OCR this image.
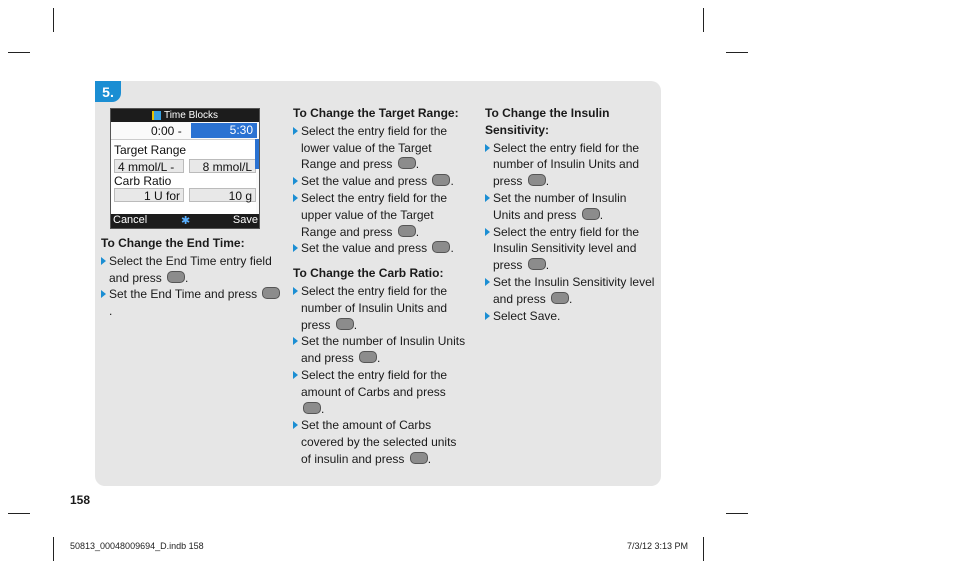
5.
Time Blocks
0:00 -	5:30
Target Range
4 mmol/L -	8 mmol/L
Carb Ratio
1 U for	10 g
Cancel	✱	Save
To Change the End Time:
Select the End Time entry field and press .
Set the End Time and press .
To Change the Target Range:
Select the entry field for the lower value of the Target Range and press .
Set the value and press .
Select the entry field for the upper value of the Target Range and press .
Set the value and press .
To Change the Carb Ratio:
Select the entry field for the number of Insulin Units and press .
Set the number of Insulin Units and press .
Select the entry field for the amount of Carbs and press .
Set the amount of Carbs covered by the selected units of insulin and press .
To Change the Insulin Sensitivity:
Select the entry field for the number of Insulin Units and press .
Set the number of Insulin Units and press .
Select the entry field for the Insulin Sensitivity level and press .
Set the Insulin Sensitivity level and press .
Select Save.
158
50813_00048009694_D.indb 158	7/3/12 3:13 PM
